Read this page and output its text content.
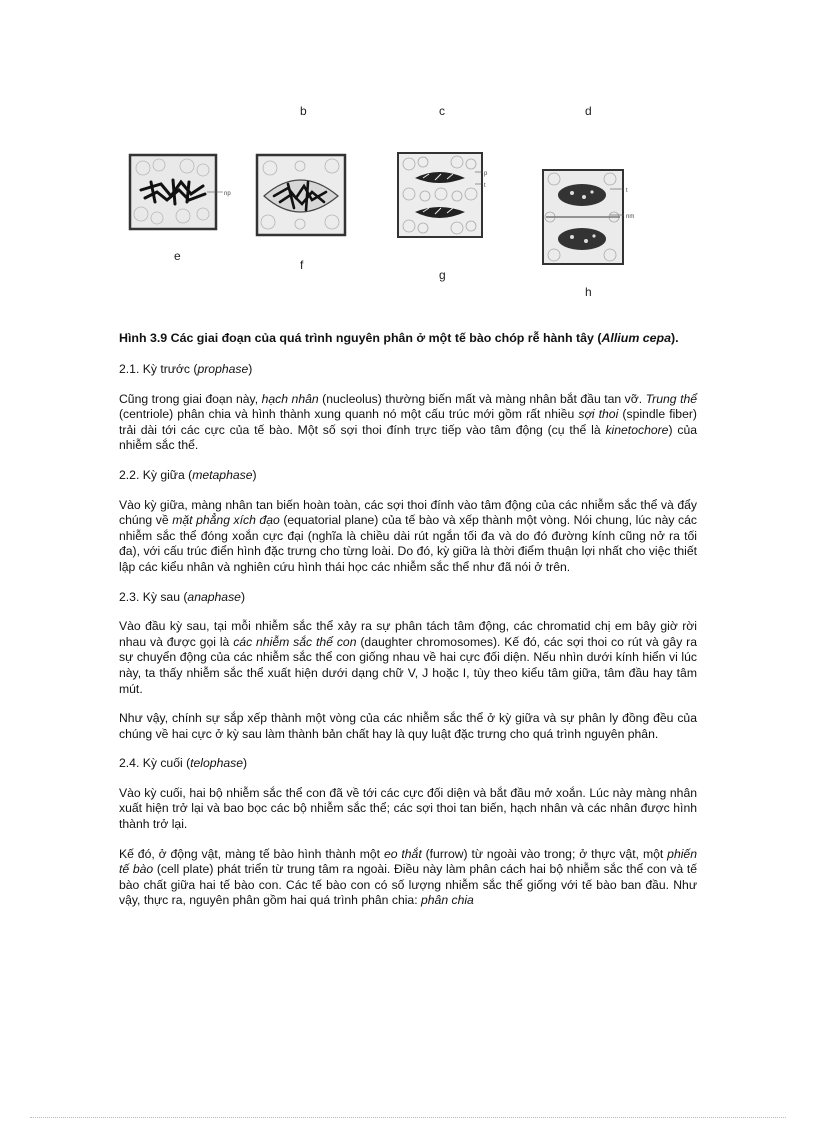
b	c	d
np
p
t
t
nm
e
f
g
h
Hình 3.9 Các giai đoạn của quá trình nguyên phân ở một tế bào chóp rễ hành tây (Allium cepa).
2.1. Kỳ trước (prophase)
Cũng trong giai đoạn này, hạch nhân (nucleolus) thường biến mất và màng nhân bắt đầu tan vỡ. Trung thể (centriole) phân chia và hình thành xung quanh nó một cấu trúc mới gồm rất nhiều sợi thoi (spindle fiber) trải dài tới các cực của tế bào. Một số sợi thoi đính trực tiếp vào tâm động (cụ thể là kinetochore) của nhiễm sắc thể.
2.2. Kỳ giữa (metaphase)
Vào kỳ giữa, màng nhân tan biến hoàn toàn, các sợi thoi đính vào tâm động của các nhiễm sắc thể và đẩy chúng về mặt phẳng xích đạo (equatorial plane) của tế bào và xếp thành một vòng. Nói chung, lúc này các nhiễm sắc thể đóng xoắn cực đại (nghĩa là chiều dài rút ngắn tối đa và do đó đường kính cũng nở ra tối đa), với cấu trúc điển hình đặc trưng cho từng loài. Do đó, kỳ giữa là thời điểm thuận lợi nhất cho việc thiết lập các kiểu nhân và nghiên cứu hình thái học các nhiễm sắc thể như đã nói ở trên.
2.3. Kỳ sau (anaphase)
Vào đầu kỳ sau, tại mỗi nhiễm sắc thể xảy ra sự phân tách tâm động, các chromatid chị em bây giờ rời nhau và được gọi là các nhiễm sắc thể con (daughter chromosomes). Kế đó, các sợi thoi co rút và gây ra sự chuyển động của các nhiễm sắc thể con giống nhau về hai cực đối diện. Nếu nhìn dưới kính hiển vi lúc này, ta thấy nhiễm sắc thể xuất hiện dưới dạng chữ V, J hoặc I, tùy theo kiểu tâm giữa, tâm đầu hay tâm mút.
Như vậy, chính sự sắp xếp thành một vòng của các nhiễm sắc thể ở kỳ giữa và sự phân ly đồng đều của chúng về hai cực ở kỳ sau làm thành bản chất hay là quy luật đặc trưng cho quá trình nguyên phân.
2.4. Kỳ cuối (telophase)
Vào kỳ cuối, hai bộ nhiễm sắc thể con đã về tới các cực đối diện và bắt đầu mở xoắn. Lúc này màng nhân xuất hiện trở lại và bao bọc các bộ nhiễm sắc thể; các sợi thoi tan biến, hạch nhân và các nhân được hình thành trở lại.
Kế đó, ở động vật, màng tế bào hình thành một eo thắt (furrow) từ ngoài vào trong; ở thực vật, một phiến tế bào (cell plate) phát triển từ trung tâm ra ngoài. Điều này làm phân cách hai bộ nhiễm sắc thể con và tế bào chất giữa hai tế bào con. Các tế bào con có số lượng nhiễm sắc thể giống với tế bào ban đầu. Như vậy, thực ra, nguyên phân gồm hai quá trình phân chia: phân chia
